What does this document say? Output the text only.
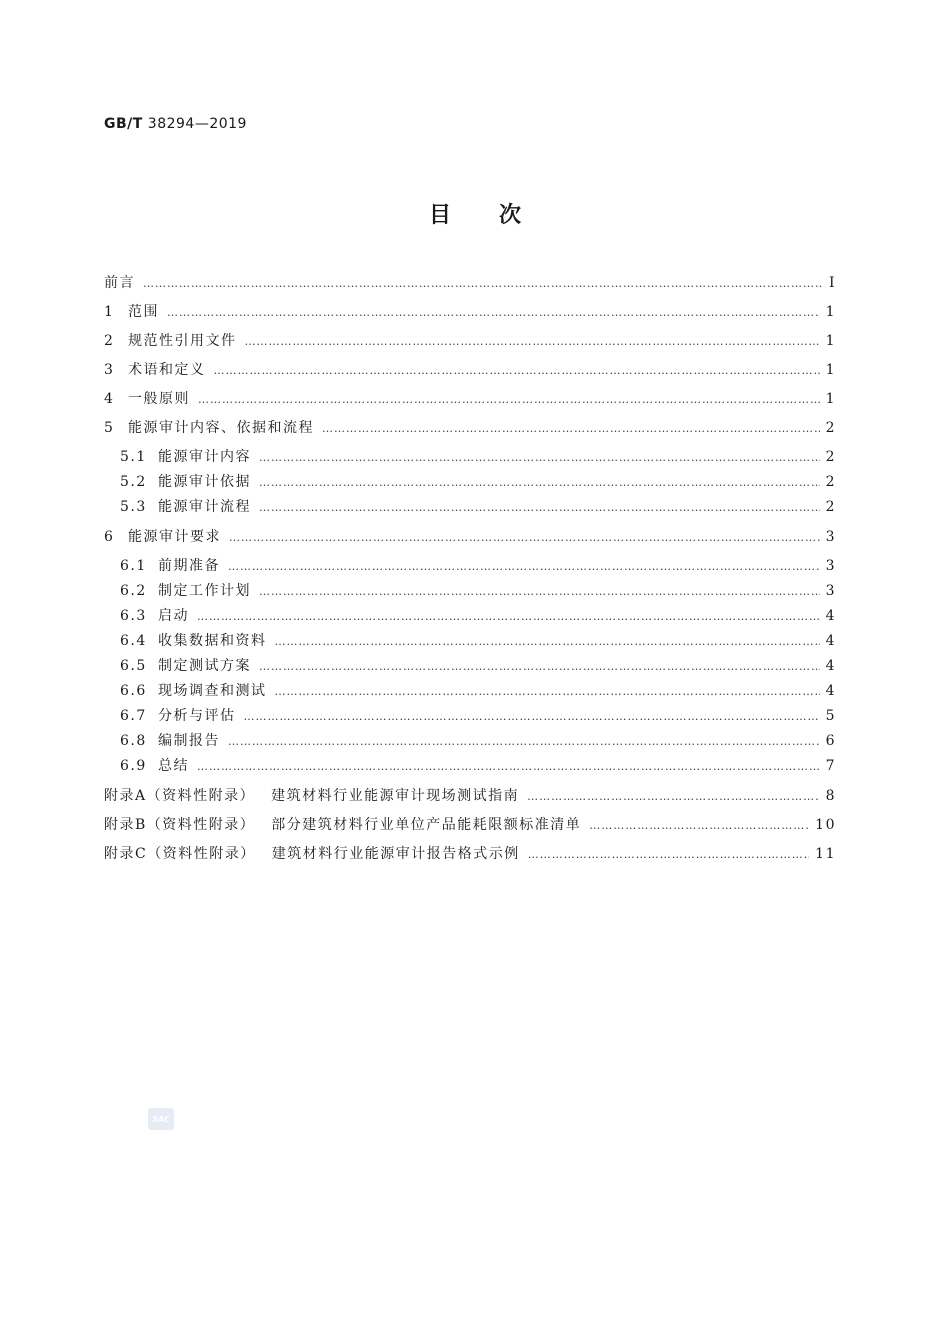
GB/T 38294—2019
目次
前言 ……………………………………………………………………………………………………………………………………………………………………………………………………	Ⅰ
1 范围 ……………………………………………………………………………………………………………………………………………………………………………………………………	1
2 规范性引用文件 ……………………………………………………………………………………………………………………………………………………………………………………………………	1
3 术语和定义 ……………………………………………………………………………………………………………………………………………………………………………………………………	1
4 一般原则 ……………………………………………………………………………………………………………………………………………………………………………………………………	1
5 能源审计内容、依据和流程 ……………………………………………………………………………………………………………………………………………………………………………………………………	2
5.1 能源审计内容 ……………………………………………………………………………………………………………………………………………………………………………………………………	2
5.2 能源审计依据 ……………………………………………………………………………………………………………………………………………………………………………………………………	2
5.3 能源审计流程 ……………………………………………………………………………………………………………………………………………………………………………………………………	2
6 能源审计要求 ……………………………………………………………………………………………………………………………………………………………………………………………………	3
6.1 前期准备 ……………………………………………………………………………………………………………………………………………………………………………………………………	3
6.2 制定工作计划 ……………………………………………………………………………………………………………………………………………………………………………………………………	3
6.3 启动 ……………………………………………………………………………………………………………………………………………………………………………………………………	4
6.4 收集数据和资料 ……………………………………………………………………………………………………………………………………………………………………………………………………	4
6.5 制定测试方案 ……………………………………………………………………………………………………………………………………………………………………………………………………	4
6.6 现场调查和测试 ……………………………………………………………………………………………………………………………………………………………………………………………………	4
6.7 分析与评估 ……………………………………………………………………………………………………………………………………………………………………………………………………	5
6.8 编制报告 ……………………………………………………………………………………………………………………………………………………………………………………………………	6
6.9 总结 ……………………………………………………………………………………………………………………………………………………………………………………………………	7
附录A（资料性附录） 建筑材料行业能源审计现场测试指南 ……………………………………………………………………………………………………………………………………………………………………………………………………	8
附录B（资料性附录） 部分建筑材料行业单位产品能耗限额标准清单 ……………………………………………………………………………………………………………………………………………………………………………………………………	10
附录C（资料性附录） 建筑材料行业能源审计报告格式示例 ……………………………………………………………………………………………………………………………………………………………………………………………………	11
SAC
